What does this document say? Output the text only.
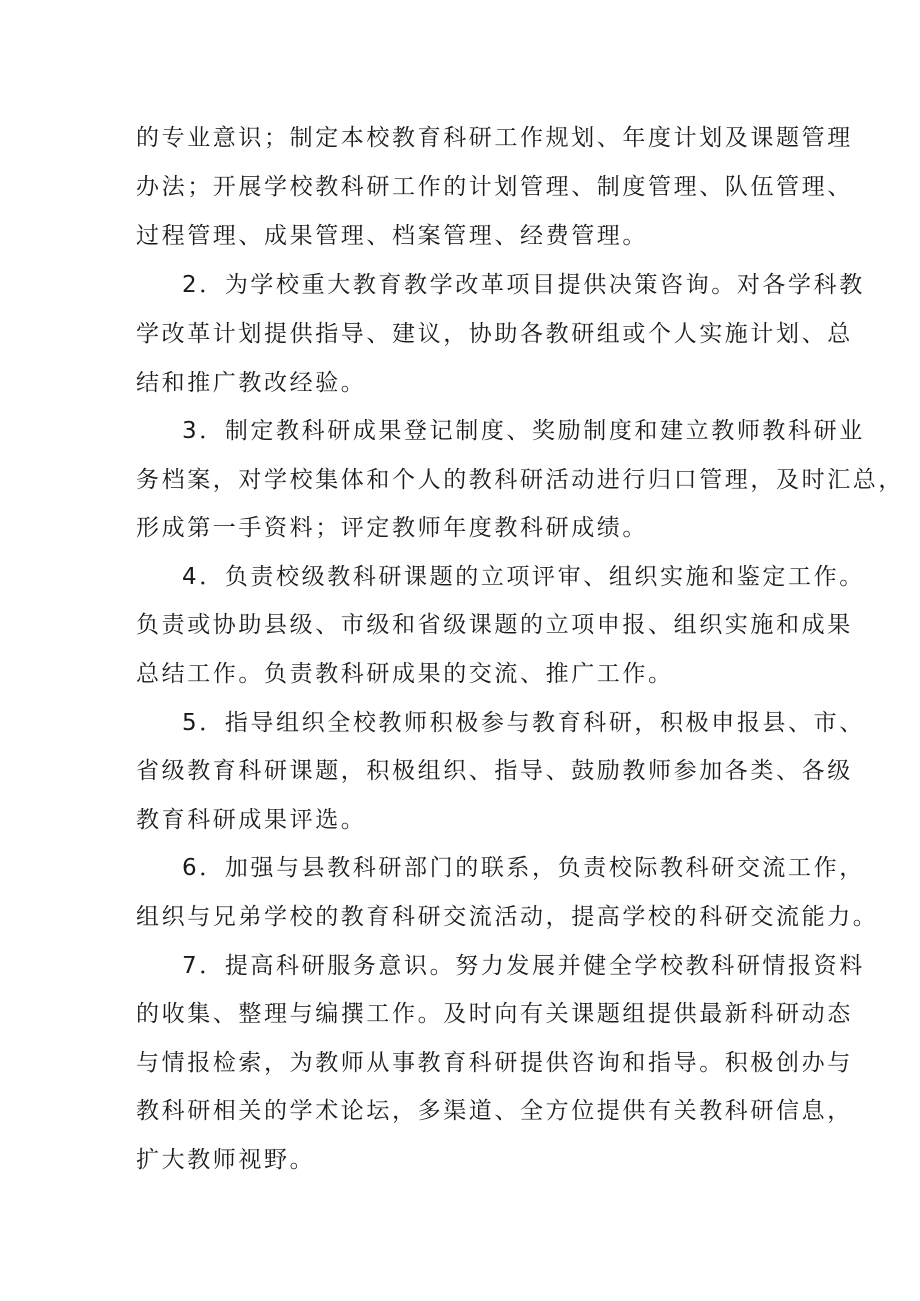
的专业意识；制定本校教育科研工作规划、年度计划及课题管理
办法；开展学校教科研工作的计划管理、制度管理、队伍管理、
过程管理、成果管理、档案管理、经费管理。
2．为学校重大教育教学改革项目提供决策咨询。对各学科教
学改革计划提供指导、建议，协助各教研组或个人实施计划、总
结和推广教改经验。
3．制定教科研成果登记制度、奖励制度和建立教师教科研业
务档案，对学校集体和个人的教科研活动进行归口管理，及时汇总，
形成第一手资料；评定教师年度教科研成绩。
4．负责校级教科研课题的立项评审、组织实施和鉴定工作。
负责或协助县级、市级和省级课题的立项申报、组织实施和成果
总结工作。负责教科研成果的交流、推广工作。
5．指导组织全校教师积极参与教育科研，积极申报县、市、
省级教育科研课题，积极组织、指导、鼓励教师参加各类、各级
教育科研成果评选。
6．加强与县教科研部门的联系，负责校际教科研交流工作，
组织与兄弟学校的教育科研交流活动，提高学校的科研交流能力。
7．提高科研服务意识。努力发展并健全学校教科研情报资料
的收集、整理与编撰工作。及时向有关课题组提供最新科研动态
与情报检索，为教师从事教育科研提供咨询和指导。积极创办与
教科研相关的学术论坛，多渠道、全方位提供有关教科研信息，
扩大教师视野。
